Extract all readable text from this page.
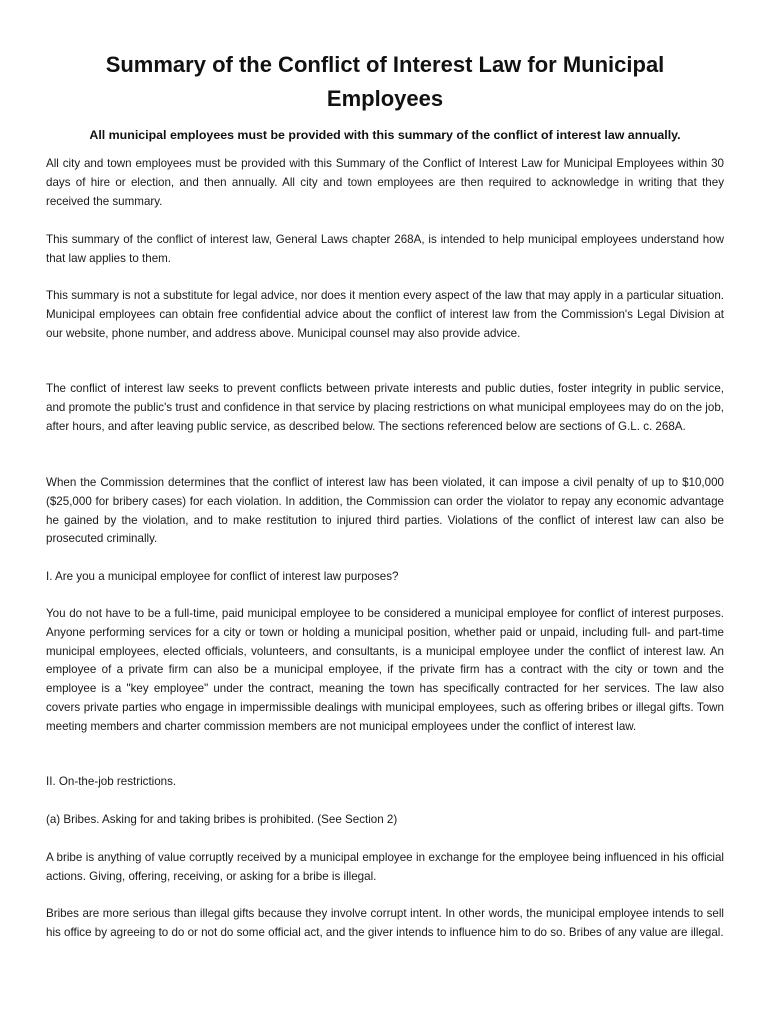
Summary of the Conflict of Interest Law for Municipal Employees

All municipal employees must be provided with this summary of the conflict of interest law annually.

All city and town employees must be provided with this Summary of the Conflict of Interest Law for Municipal Employees within 30 days of hire or election, and then annually. All city and town employees are then required to acknowledge in writing that they received the summary.

This summary of the conflict of interest law, General Laws chapter 268A, is intended to help municipal employees understand how that law applies to them.

This summary is not a substitute for legal advice, nor does it mention every aspect of the law that may apply in a particular situation. Municipal employees can obtain free confidential advice about the conflict of interest law from the Commission's Legal Division at our website, phone number, and address above. Municipal counsel may also provide advice.

The conflict of interest law seeks to prevent conflicts between private interests and public duties, foster integrity in public service, and promote the public's trust and confidence in that service by placing restrictions on what municipal employees may do on the job, after hours, and after leaving public service, as described below. The sections referenced below are sections of G.L. c. 268A.

When the Commission determines that the conflict of interest law has been violated, it can impose a civil penalty of up to $10,000 ($25,000 for bribery cases) for each violation. In addition, the Commission can order the violator to repay any economic advantage he gained by the violation, and to make restitution to injured third parties. Violations of the conflict of interest law can also be prosecuted criminally.

I. Are you a municipal employee for conflict of interest law purposes?

You do not have to be a full-time, paid municipal employee to be considered a municipal employee for conflict of interest purposes. Anyone performing services for a city or town or holding a municipal position, whether paid or unpaid, including full- and part-time municipal employees, elected officials, volunteers, and consultants, is a municipal employee under the conflict of interest law. An employee of a private firm can also be a municipal employee, if the private firm has a contract with the city or town and the employee is a "key employee" under the contract, meaning the town has specifically contracted for her services. The law also covers private parties who engage in impermissible dealings with municipal employees, such as offering bribes or illegal gifts. Town meeting members and charter commission members are not municipal employees under the conflict of interest law.

II. On-the-job restrictions.

(a) Bribes. Asking for and taking bribes is prohibited. (See Section 2)

A bribe is anything of value corruptly received by a municipal employee in exchange for the employee being influenced in his official actions. Giving, offering, receiving, or asking for a bribe is illegal.

Bribes are more serious than illegal gifts because they involve corrupt intent. In other words, the municipal employee intends to sell his office by agreeing to do or not do some official act, and the giver intends to influence him to do so. Bribes of any value are illegal.
